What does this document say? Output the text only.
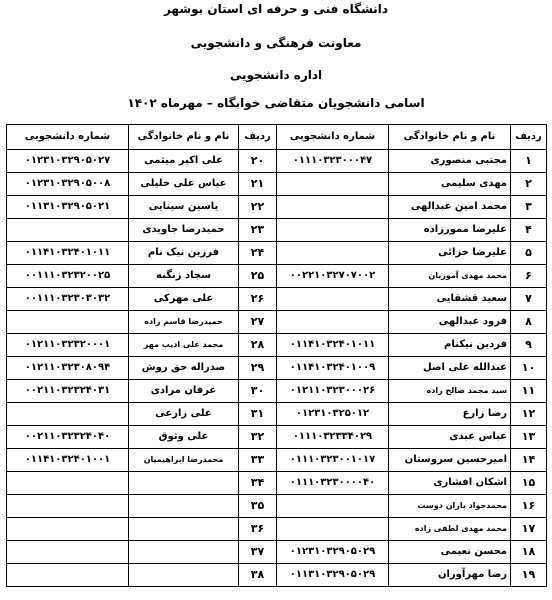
دانشگاه فنی و حرفه ای استان بوشهر
معاونت فرهنگی و دانشجویی
اداره دانشجویی
اسامی دانشجویان متقاضی خوابگاه – مهرماه ۱۴۰۲
ردیف	نام و نام خانوادگی	شماره دانشجویی	ردیف	نام و نام خانوادگی	شماره دانشجویی
۱	مجتبی منصوری	۰۱۱۱۰۳۲۳۰۰۰۴۷	۲۰	علی اکبر میثمی	۰۱۲۳۱۰۳۲۹۰۵۰۲۷
۲	مهدی سلیمی		۲۱	عباس علی خلیلی	۰۱۲۳۱۰۳۲۹۰۵۰۰۸
۳	محمد امین عبدالهی		۲۲	یاسین سینایی	۰۱۱۳۱۰۳۲۹۰۵۰۲۱
۴	علیرضا ممورزاده		۲۳	حمیدرضا جاویدی	
۵	علیرضا خزائی		۲۴	فرزین نیک نام	۰۱۱۴۱۰۳۲۴۰۱۰۱۱
۶	محمد مهدی آموزیان	۰۰۲۲۱۰۳۲۷۰۷۰۰۲	۲۵	سجاد زنگنه	۰۰۱۱۱۰۳۲۳۲۰۰۲۵
۷	سعید قشقایی		۲۶	علی مهرکی	۰۰۱۱۱۰۳۲۳۰۳۰۳۲
۸	فرود عبدالهی		۲۷	حمیدرضا قاسم زاده	
۹	فردین نیکنام	۰۱۱۴۱۰۳۲۴۰۱۰۱۱	۲۸	محمد علی ادیب مهر	۰۱۲۱۱۰۳۲۳۲۰۰۰۱
۱۰	عبدالله علی اصل	۰۱۱۴۱۰۳۲۴۰۱۰۰۹	۲۹	صدراله حق روش	۰۱۲۱۱۰۳۲۳۰۸۰۹۴
۱۱	سید محمد صالح زاده	۰۱۲۱۱۰۳۲۳۰۰۰۲۶	۳۰	عرفان مرادی	۰۰۲۱۱۰۳۲۳۲۴۰۳۱
۱۲	رضا زارع	۰۱۲۳۱۰۳۲۵۰۱۲	۳۱	علی زارعی	
۱۳	عباس عبدی	۰۱۱۱۰۳۲۳۳۴۰۲۹	۳۲	علی وثوق	۰۰۲۱۱۰۳۲۳۲۴۰۴۰
۱۴	امیرحسین سروستان	۰۱۱۱۰۳۲۳۰۰۱۰۱۷	۳۳	محمدرضا ابراهیمیان	۰۱۱۴۱۰۳۲۴۰۱۰۰۱
۱۵	اشکان افشاری	۰۱۱۱۰۳۲۳۰۰۰۰۴۰	۳۴		
۱۶	محمدجواد باران دوست		۳۵		
۱۷	محمد مهدی لطفی زاده		۳۶		
۱۸	محسن نعیمی	۰۱۲۳۱۰۳۲۹۰۵۰۲۹	۳۷		
۱۹	رضا مهرآوران	۰۱۱۳۱۰۳۲۹۰۵۰۲۹	۳۸		
